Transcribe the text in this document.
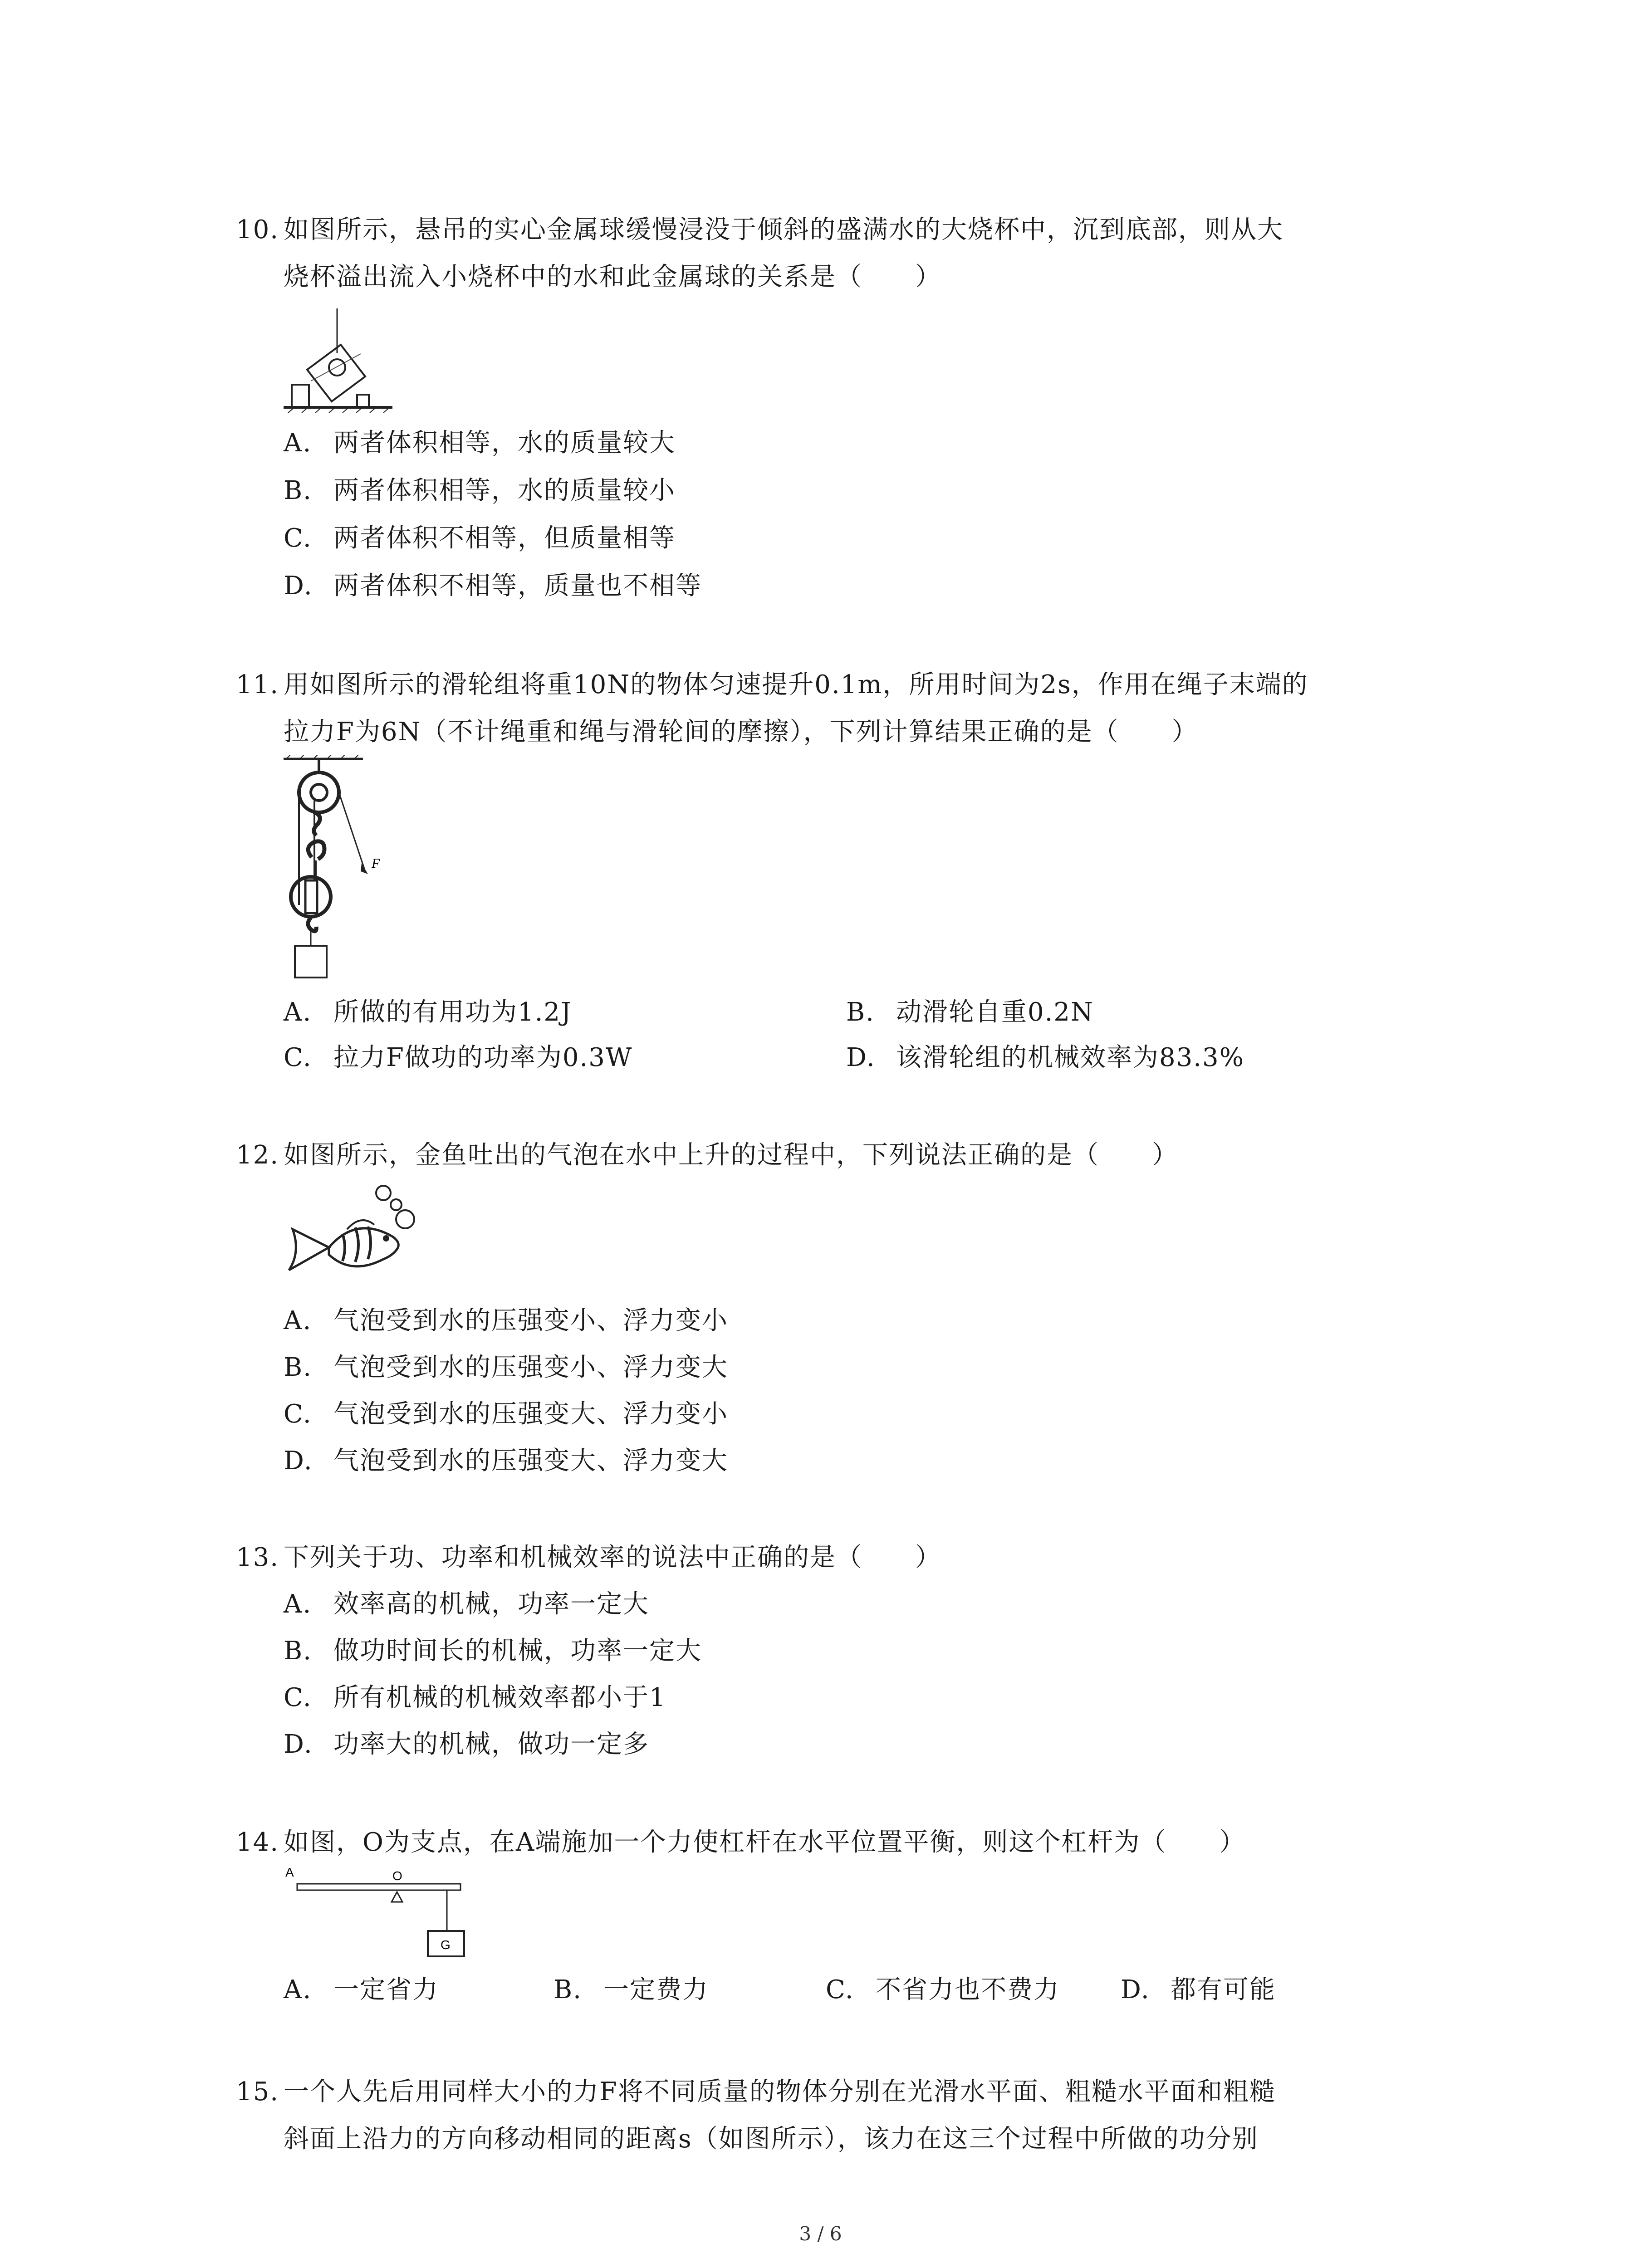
10. 如图所示，悬吊的实心金属球缓慢浸没于倾斜的盛满水的大烧杯中，沉到底部，则从大

烧杯溢出流入小烧杯中的水和此金属球的关系是（　　）

A. 两者体积相等，水的质量较大
B. 两者体积相等，水的质量较小
C. 两者体积不相等，但质量相等
D. 两者体积不相等，质量也不相等

11. 用如图所示的滑轮组将重10N的物体匀速提升0.1m，所用时间为2s，作用在绳子末端的

拉力F为6N（不计绳重和绳与滑轮间的摩擦），下列计算结果正确的是（　　）

F
A. 所做的有用功为1.2J	B. 动滑轮自重0.2N
C. 拉力F做功的功率为0.3W	D. 该滑轮组的机械效率为83.3%

12. 如图所示，金鱼吐出的气泡在水中上升的过程中，下列说法正确的是（　　）

A. 气泡受到水的压强变小、浮力变小
B. 气泡受到水的压强变小、浮力变大
C. 气泡受到水的压强变大、浮力变小
D. 气泡受到水的压强变大、浮力变大

13. 下列关于功、功率和机械效率的说法中正确的是（　　）

A. 效率高的机械，功率一定大
B. 做功时间长的机械，功率一定大
C. 所有机械的机械效率都小于1
D. 功率大的机械，做功一定多

14. 如图，O为支点，在A端施加一个力使杠杆在水平位置平衡，则这个杠杆为（　　）

A	O
G
A. 一定省力	B. 一定费力	C. 不省力也不费力 D. 都有可能

15. 一个人先后用同样大小的力F将不同质量的物体分别在光滑水平面、粗糙水平面和粗糙

斜面上沿力的方向移动相同的距离s（如图所示），该力在这三个过程中所做的功分别

3 / 6
